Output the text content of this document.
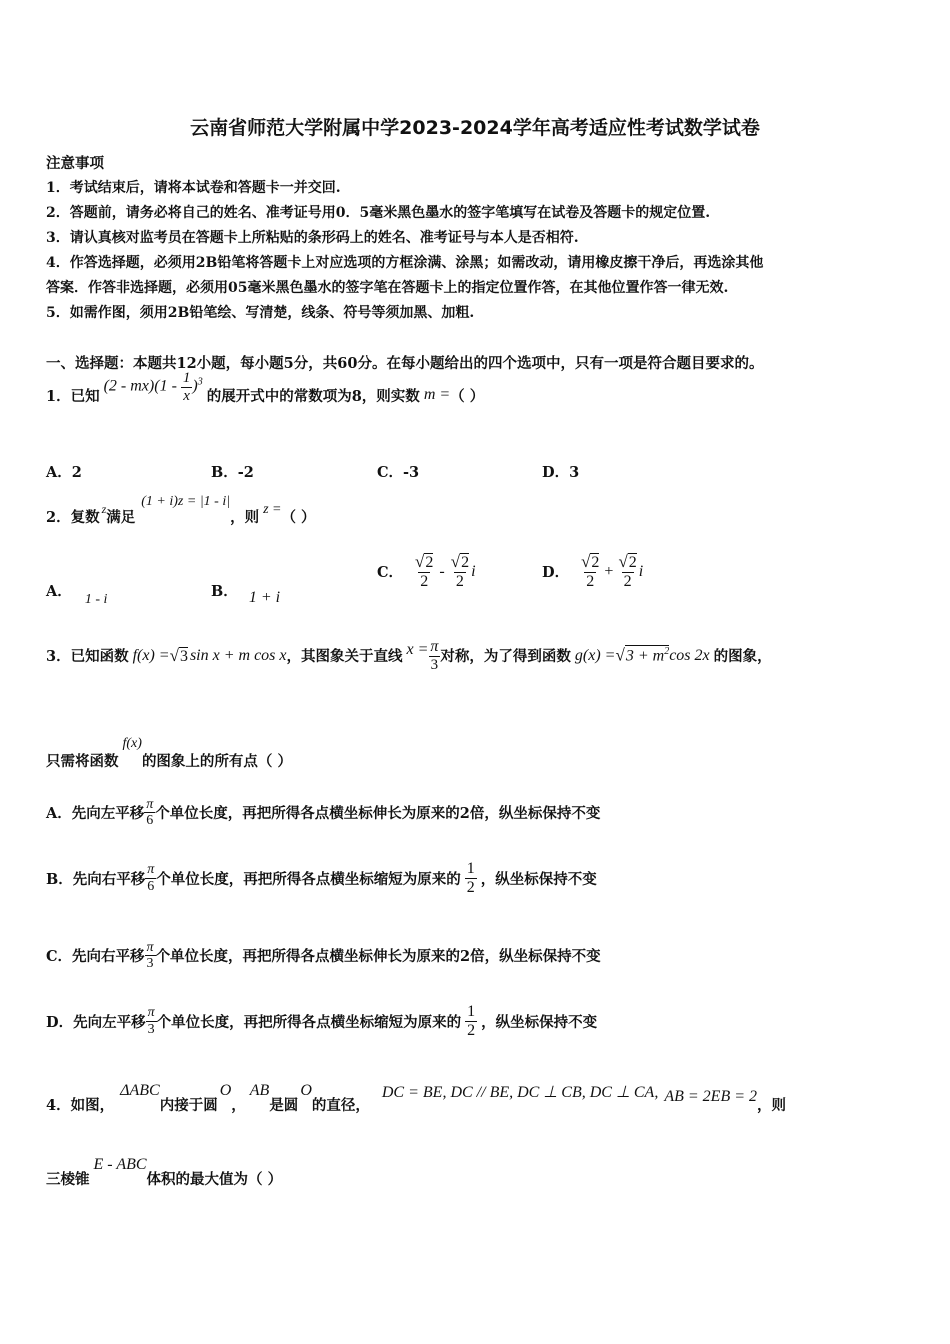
云南省师范大学附属中学2023-2024学年高考适应性考试数学试卷
注意事项
1．考试结束后，请将本试卷和答题卡一并交回.
2．答题前，请务必将自己的姓名、准考证号用0．5毫米黑色墨水的签字笔填写在试卷及答题卡的规定位置.
3．请认真核对监考员在答题卡上所粘贴的条形码上的姓名、准考证号与本人是否相符.
4．作答选择题，必须用2B铅笔将答题卡上对应选项的方框涂满、涂黑；如需改动，请用橡皮擦干净后，再选涂其他
答案．作答非选择题，必须用05毫米黑色墨水的签字笔在答题卡上的指定位置作答，在其他位置作答一律无效.
5．如需作图，须用2B铅笔绘、写清楚，线条、符号等须加黑、加粗.
一、选择题：本题共12小题，每小题5分，共60分。在每小题给出的四个选项中，只有一项是符合题目要求的。
1．已知
$(2 - mx)(1 - \frac{1}{x} )^3$
的展开式中的常数项为8，则实数 m = （ ）
A．2	B．-2	C．-3	D．3
2．复数 z 满足
(1 + i)z = |1 - i|
，则 z = （ ）
A． 1 - i	B． 1 + i
C． $\frac{√2}{2} - \frac{√2}{2}$ i	D． $\frac{√2}{2} + \frac{√2}{2}$ i
3．已知函数 f(x) = √3 sin x + m cos x ，其图象关于直线 $x = \frac{\pi}{3}$ 对称，为了得到函数 $g(x) = √3 + m^2$ cos 2x 的图象，
只需将函数
f(x)
的图象上的所有点（ ）
A．先向左平移 $\frac{\pi}{6}$ 个单位长度，再把所得各点横坐标伸长为原来的2倍，纵坐标保持不变
B．先向右平移 $\frac{\pi}{6}$ 个单位长度，再把所得各点横坐标缩短为原来的 $\frac{1}{2}$ ，纵坐标保持不变
C．先向右平移 $\frac{\pi}{3}$ 个单位长度，再把所得各点横坐标伸长为原来的2倍，纵坐标保持不变
D．先向左平移 $\frac{\pi}{3}$ 个单位长度，再把所得各点横坐标缩短为原来的 $\frac{1}{2}$ ，纵坐标保持不变
4．如图，
ΔABC
内接于圆
O
，
AB
是圆
O
的直径，
DC = BE, DC // BE, DC ⊥ CB, DC ⊥ CA, AB = 2EB = 2
，则
三棱锥
E - ABC
体积的最大值为（ ）
